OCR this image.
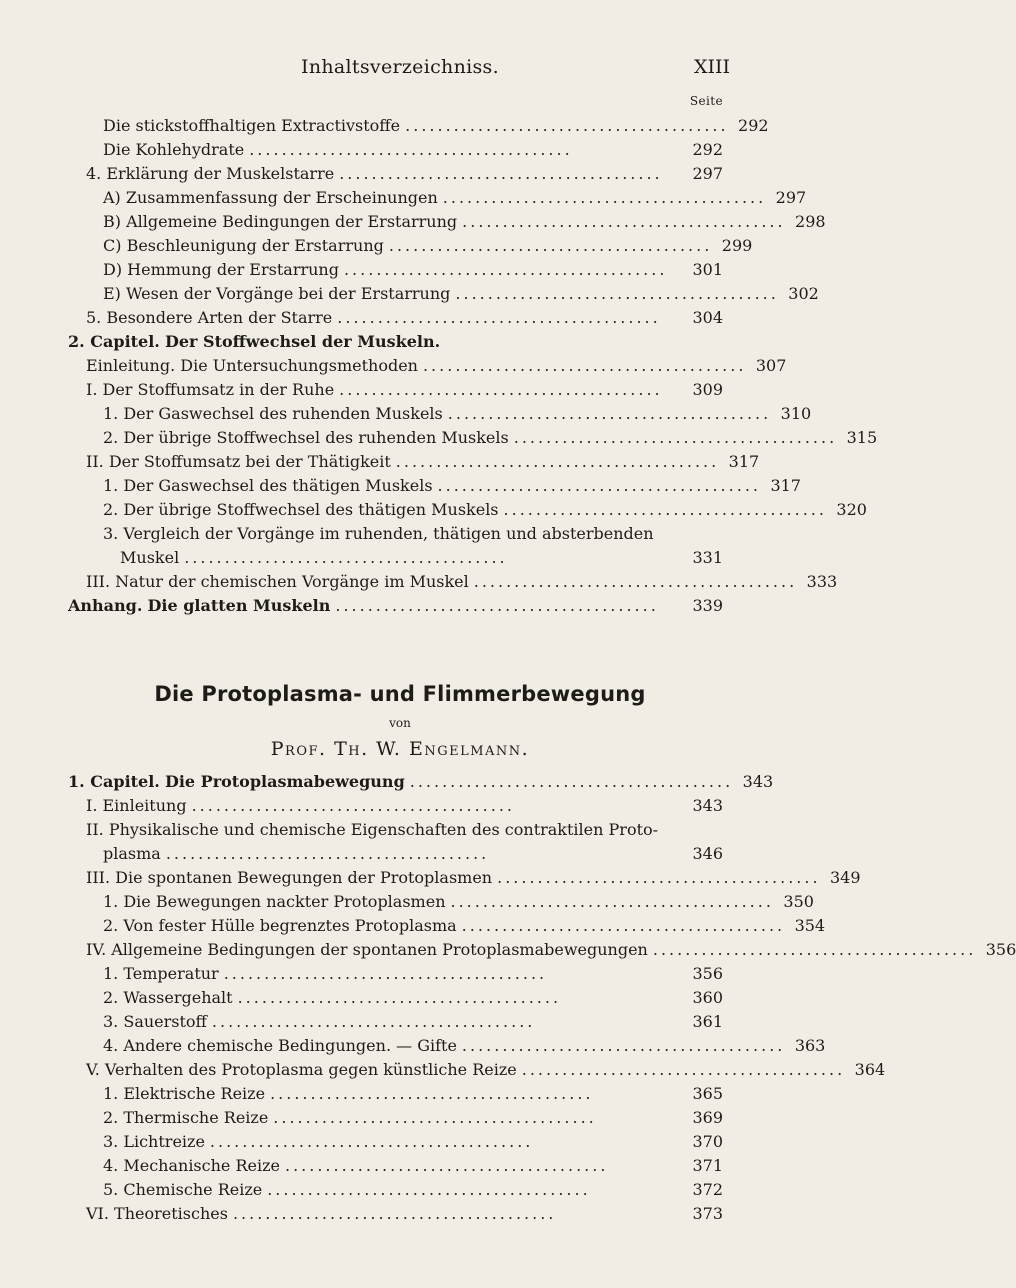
Inhaltsverzeichniss.	XIII
Seite
Die stickstoffhaltigen Extractivstoffe ........................................ 292
Die Kohlehydrate ........................................	292
4. Erklärung der Muskelstarre ........................................	297
A) Zusammenfassung der Erscheinungen ........................................ 297
B) Allgemeine Bedingungen der Erstarrung ........................................ 298
C) Beschleunigung der Erstarrung ........................................ 299
D) Hemmung der Erstarrung ........................................	301
E) Wesen der Vorgänge bei der Erstarrung ........................................ 302
5. Besondere Arten der Starre ........................................	304
2. Capitel. Der Stoffwechsel der Muskeln.
Einleitung. Die Untersuchungsmethoden ........................................ 307
I. Der Stoffumsatz in der Ruhe ........................................	309
1. Der Gaswechsel des ruhenden Muskels ........................................ 310
2. Der übrige Stoffwechsel des ruhenden Muskels ........................................ 315
II. Der Stoffumsatz bei der Thätigkeit ........................................ 317
1. Der Gaswechsel des thätigen Muskels ........................................ 317
2. Der übrige Stoffwechsel des thätigen Muskels ........................................ 320
3. Vergleich der Vorgänge im ruhenden, thätigen und absterbenden
Muskel ........................................	331
III. Natur der chemischen Vorgänge im Muskel ........................................ 333
Anhang. Die glatten Muskeln ........................................	339
Die Protoplasma- und Flimmerbewegung
von
Prof. Th. W. Engelmann.
1. Capitel. Die Protoplasmabewegung ........................................ 343
I. Einleitung ........................................	343
II. Physikalische und chemische Eigenschaften des contraktilen Proto-
plasma ........................................	346
III. Die spontanen Bewegungen der Protoplasmen ........................................ 349
1. Die Bewegungen nackter Protoplasmen ........................................ 350
2. Von fester Hülle begrenztes Protoplasma ........................................ 354
IV. Allgemeine Bedingungen der spontanen Protoplasmabewegungen ........................................ 356
1. Temperatur ........................................	356
2. Wassergehalt ........................................	360
3. Sauerstoff ........................................	361
4. Andere chemische Bedingungen. — Gifte ........................................ 363
V. Verhalten des Protoplasma gegen künstliche Reize ........................................ 364
1. Elektrische Reize ........................................	365
2. Thermische Reize ........................................	369
3. Lichtreize ........................................	370
4. Mechanische Reize ........................................	371
5. Chemische Reize ........................................	372
VI. Theoretisches ........................................	373
